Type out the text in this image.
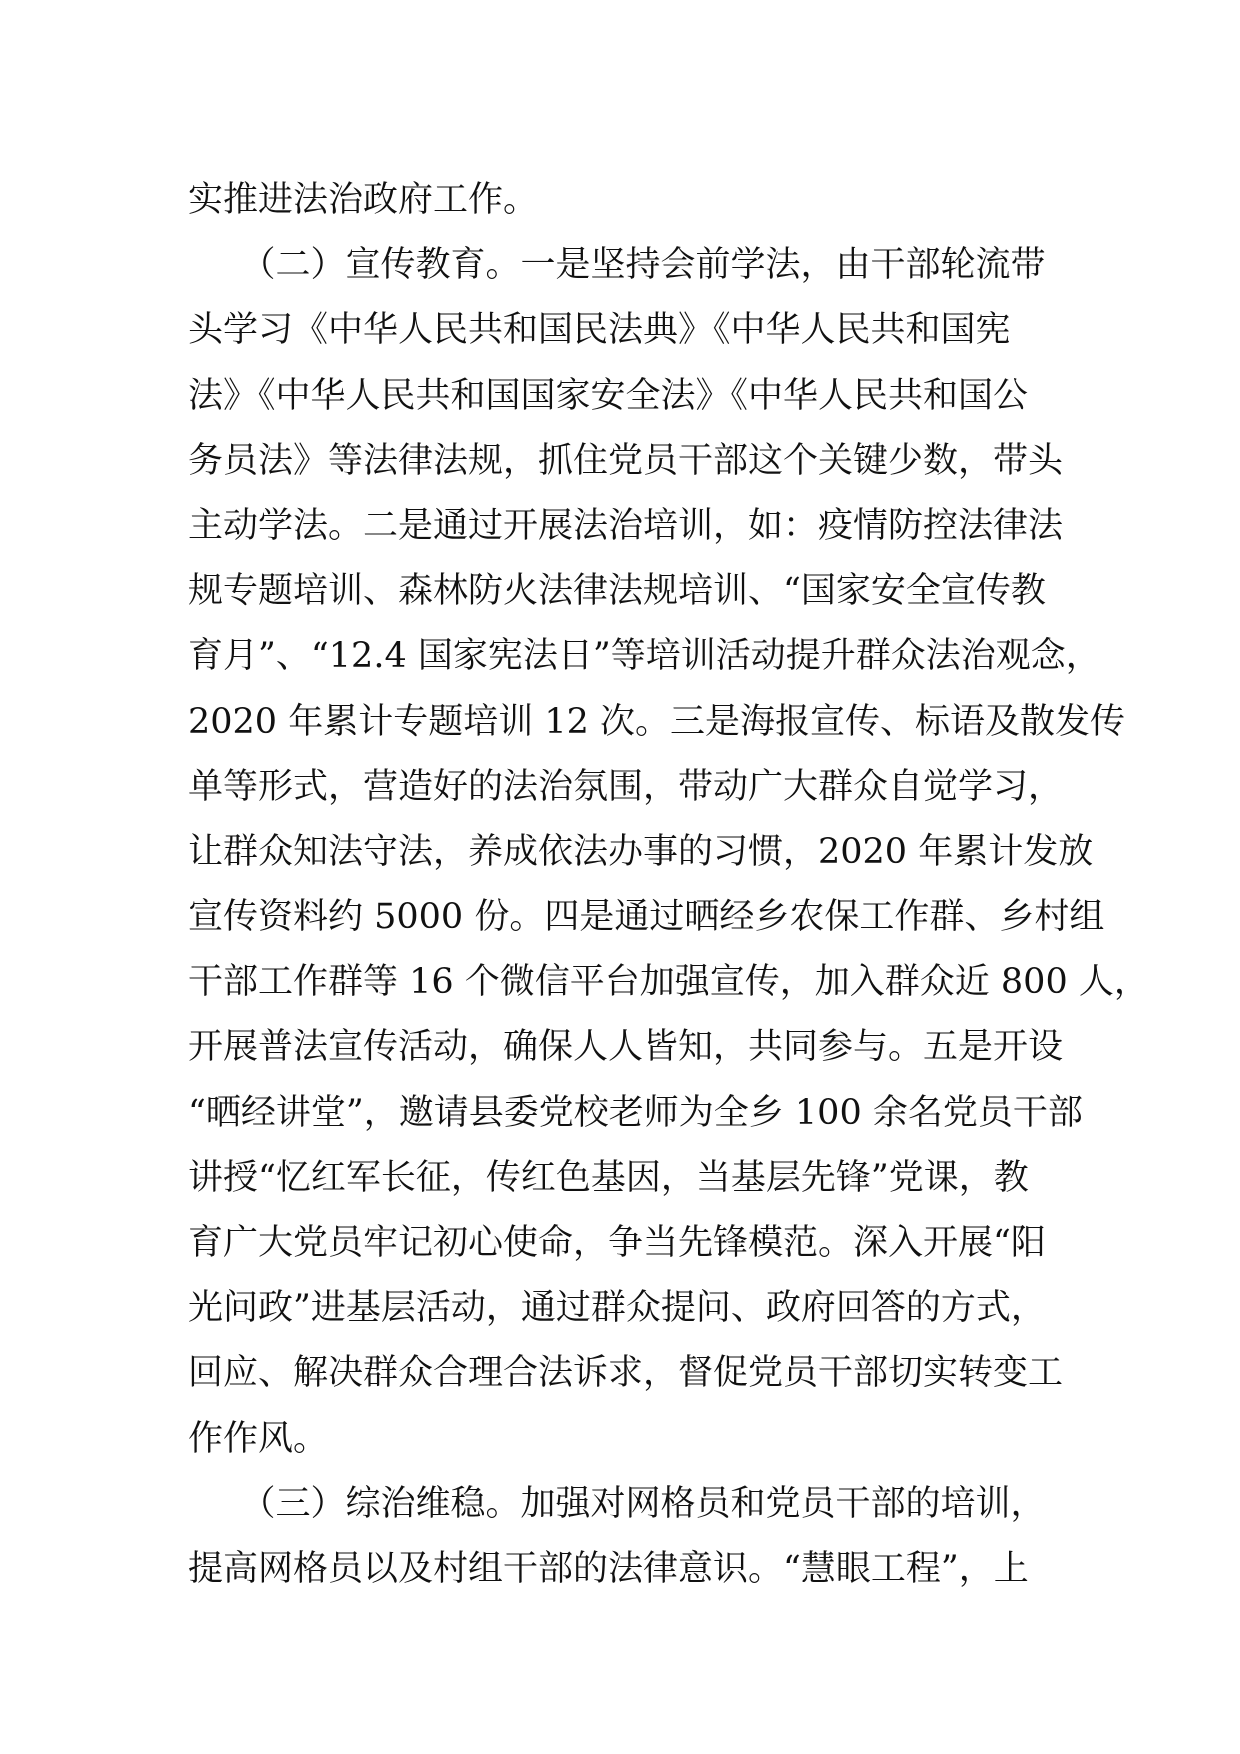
实推进法治政府工作。
　　（二）宣传教育。一是坚持会前学法，由干部轮流带
头学习《中华人民共和国民法典》《中华人民共和国宪
法》《中华人民共和国国家安全法》《中华人民共和国公
务员法》等法律法规，抓住党员干部这个关键少数，带头
主动学法。二是通过开展法治培训，如：疫情防控法律法
规专题培训、森林防火法律法规培训、“国家安全宣传教
育月”、“12.4 国家宪法日”等培训活动提升群众法治观念，
2020 年累计专题培训 12 次。三是海报宣传、标语及散发传
单等形式，营造好的法治氛围，带动广大群众自觉学习，
让群众知法守法，养成依法办事的习惯，2020 年累计发放
宣传资料约 5000 份。四是通过晒经乡农保工作群、乡村组
干部工作群等 16 个微信平台加强宣传，加入群众近 800 人，
开展普法宣传活动，确保人人皆知，共同参与。五是开设
“晒经讲堂”，邀请县委党校老师为全乡 100 余名党员干部
讲授“忆红军长征，传红色基因，当基层先锋”党课，教
育广大党员牢记初心使命，争当先锋模范。深入开展“阳
光问政”进基层活动，通过群众提问、政府回答的方式，
回应、解决群众合理合法诉求，督促党员干部切实转变工
作作风。
　　（三）综治维稳。加强对网格员和党员干部的培训，
提高网格员以及村组干部的法律意识。“慧眼工程”，上
